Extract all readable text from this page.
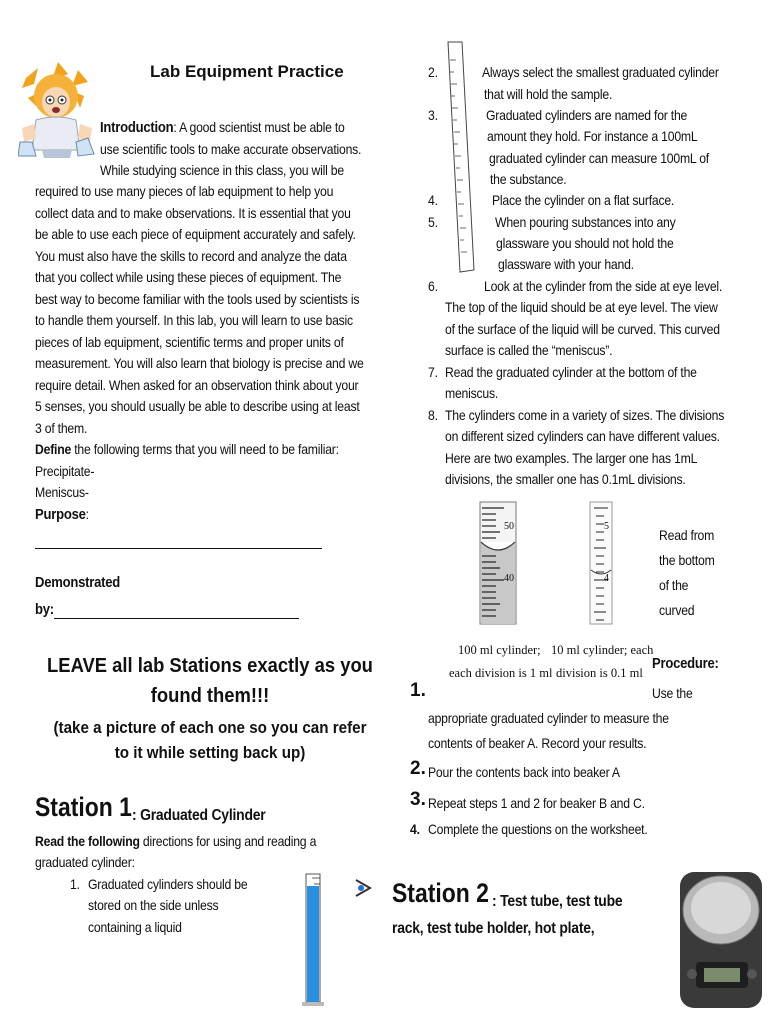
Lab Equipment Practice
Introduction: A good scientist must be able to
use scientific tools to make accurate observations.
While studying science in this class, you will be
required to use many pieces of lab equipment to help you
collect data and to make observations. It is essential that you
be able to use each piece of equipment accurately and safely.
You must also have the skills to record and analyze the data
that you collect while using these pieces of equipment. The
best way to become familiar with the tools used by scientists is
to handle them yourself. In this lab, you will learn to use basic
pieces of lab equipment, scientific terms and proper units of
measurement. You will also learn that biology is precise and we
require detail. When asked for an observation think about your
5 senses, you should usually be able to describe using at least
3 of them.
Define the following terms that you will need to be familiar:
Precipitate-
Meniscus-
Purpose:
Demonstrated
by:
LEAVE all lab Stations exactly as you
found them!!!
(take a picture of each one so you can refer
to it while setting back up)
Station 1 : Graduated Cylinder
Read the following directions for using and reading a
graduated cylinder:
1. Graduated cylinders should be
stored on the side unless
containing a liquid
2.	Always select the smallest graduated cylinder
that will hold the sample.
3.	Graduated cylinders are named for the
amount they hold. For instance a 100mL
graduated cylinder can measure 100mL of
the substance.
4.	Place the cylinder on a flat surface.
5.	When pouring substances into any
glassware you should not hold the
glassware with your hand.
6.	Look at the cylinder from the side at eye level.
The top of the liquid should be at eye level. The view
of the surface of the liquid will be curved. This curved
surface is called the “meniscus”.
7. Read the graduated cylinder at the bottom of the
meniscus.
8. The cylinders come in a variety of sizes. The divisions
on different sized cylinders can have different values.
Here are two examples. The larger one has 1mL
divisions, the smaller one has 0.1mL divisions.
50
40
5
4
100 ml cylinder;
each division is 1 ml
10 ml cylinder; each
division is 0.1 ml
Read from
the bottom
of the
curved
Procedure:
1.	Use the
appropriate graduated cylinder to measure the
contents of beaker A. Record your results.
2. Pour the contents back into beaker A
3. Repeat steps 1 and 2 for beaker B and C.
4. Complete the questions on the worksheet.
Station 2 : Test tube, test tube
rack, test tube holder, hot plate,
